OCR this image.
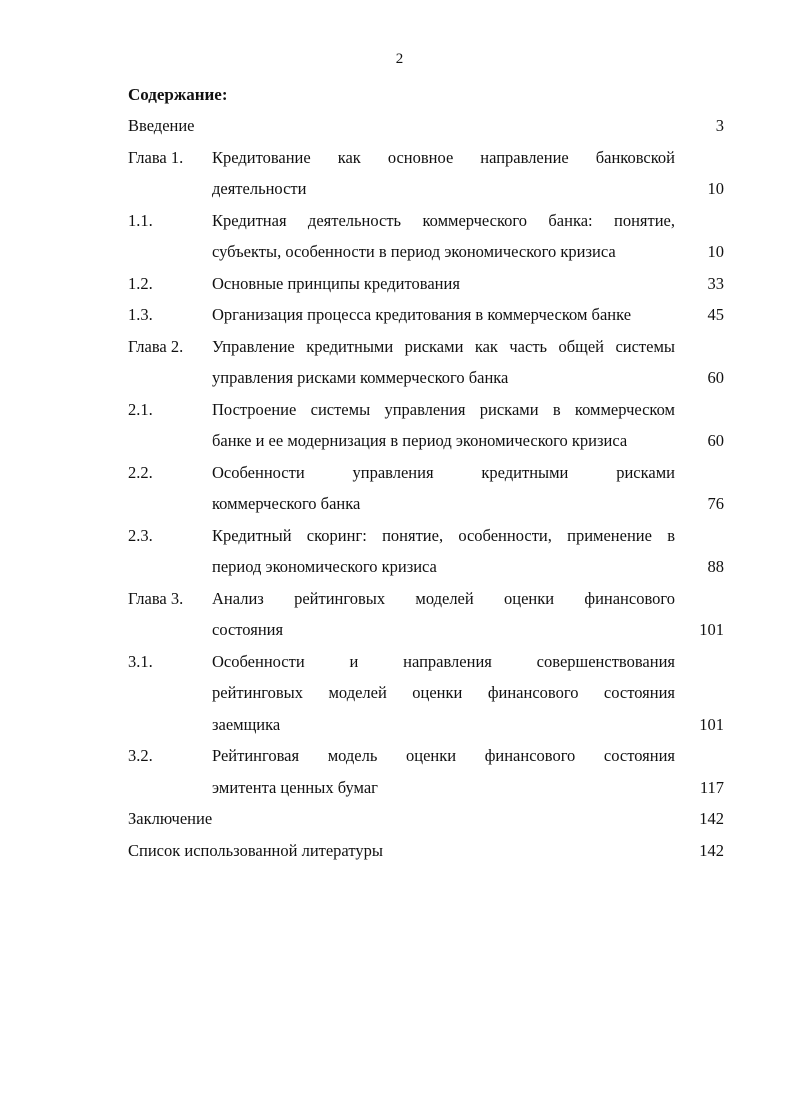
2
Содержание:
Введение	3
Глава 1. Кредитование как основное направление банковской
деятельности	10
1.1.	Кредитная деятельность коммерческого банка: понятие,
субъекты, особенности в период экономического кризиса	10
1.2.	Основные принципы кредитования	33
1.3.	Организация процесса кредитования в коммерческом банке	45
Глава 2. Управление кредитными рисками как часть общей системы
управления рисками коммерческого банка	60
2.1.	Построение системы управления рисками в коммерческом
банке и ее модернизация в период экономического кризиса	60
2.2.	Особенности управления кредитными рисками
коммерческого банка	76
2.3.	Кредитный скоринг: понятие, особенности, применение в
период экономического кризиса	88
Глава 3. Анализ рейтинговых моделей оценки финансового
состояния	101
3.1.	Особенности и направления совершенствования
рейтинговых моделей оценки финансового состояния
заемщика	101
3.2.	Рейтинговая модель оценки финансового состояния
эмитента ценных бумаг	117
Заключение	142
Список использованной литературы	142
